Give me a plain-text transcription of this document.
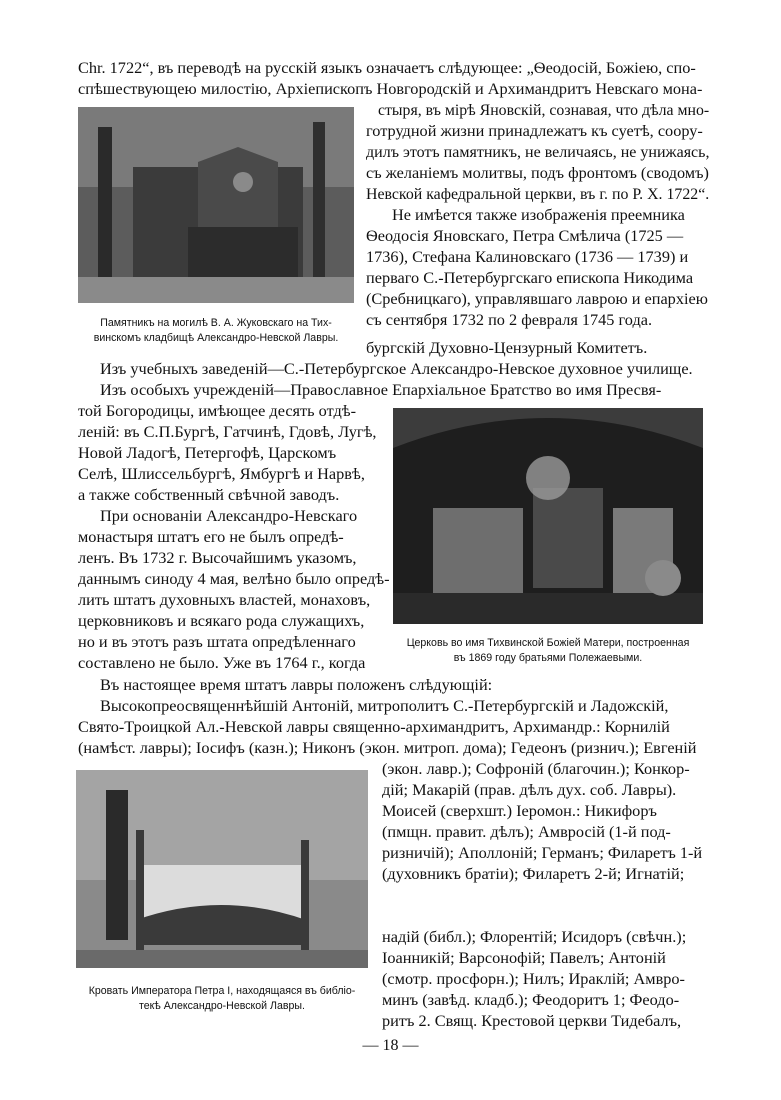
Chr. 1722“, въ переводѣ на русскій языкъ означаетъ слѣдующее: „Ѳеодосій, Божіею, спо-
спѣшествующею милостію, Архіепископъ Новгородскій и Архимандритъ Невскаго мона-
Памятникъ на могилѣ В. А. Жуковскаго на Тих-
винскомъ кладбищѣ Александро-Невской Лавры.
стыря, въ мірѣ Яновскій, сознавая, что дѣла мно-
готрудной жизни принадлежатъ къ суетѣ, соору-
дилъ этотъ памятникъ, не величаясь, не унижаясь,
съ желаніемъ молитвы, подъ фронтомъ (сводомъ)
Невской кафедральной церкви, въ г. по Р. Х. 1722“.
Не имѣется также изображенія преемника
Ѳеодосія Яновскаго, Петра Смѣлича (1725 —
1736), Стефана Калиновскаго (1736 — 1739) и
перваго С.-Петербургскаго епископа Никодима
(Сребницкаго), управлявшаго лаврою и епархіею
съ сентября 1732 по 2 февраля 1745 года.
бургскій Духовно-Цензурный Комитетъ.
Изъ учебныхъ заведеній—С.-Петербургское Александро-Невское духовное училище.
Изъ особыхъ учрежденій—Православное Епархіальное Братство во имя Пресвя-
той Богородицы, имѣющее десять отдѣ-
леній: въ С.П.Бургѣ, Гатчинѣ, Гдовѣ, Лугѣ,
Новой Ладогѣ, Петергофѣ, Царскомъ
Селѣ, Шлиссельбургѣ, Ямбургѣ и Нарвѣ,
а также собственный свѣчной заводъ.
При основаніи Александро-Невскаго
монастыря штатъ его не былъ опредѣ-
ленъ. Въ 1732 г. Высочайшимъ указомъ,
даннымъ синоду 4 мая, велѣно было опредѣ-
лить штатъ духовныхъ властей, монаховъ,
церковниковъ и всякаго рода служащихъ,
но и въ этотъ разъ штата опредѣленнаго
составлено не было. Уже въ 1764 г., когда
Церковь во имя Тихвинской Божіей Матери, построенная
въ 1869 году братьями Полежаевыми.
Въ настоящее время штатъ лавры положенъ слѣдующій:
Высокопреосвященнѣйшій Антоній, митрополитъ С.-Петербургскій и Ладожскій,
Свято-Троицкой Ал.-Невской лавры священно-архимандритъ, Архимандр.: Корнилій
(намѣст. лавры); Іосифъ (казн.); Никонъ (экон. митроп. дома); Гедеонъ (ризнич.); Евгеній
Кровать Императора Петра I, находящаяся въ библіо-
текѣ Александро-Невской Лавры.
(экон. лавр.); Софроній (благочин.); Конкор-
дій; Макарій (прав. дѣлъ дух. соб. Лавры).
Моисей (сверхшт.) Іеромон.: Никифоръ
(пмщн. правит. дѣлъ); Амвросій (1-й под-
ризничій); Аполлоній; Германъ; Филаретъ 1-й
(духовникъ братіи); Филаретъ 2-й; Игнатій;
надій (библ.); Флорентій; Исидоръ (свѣчн.);
Іоанникій; Варсонофій; Павелъ; Антоній
(смотр. просфорн.); Нилъ; Ираклій; Амвро-
минъ (завѣд. кладб.); Феодоритъ 1; Феодо-
ритъ 2. Свящ. Крестовой церкви Тидебалъ,
— 18 —
